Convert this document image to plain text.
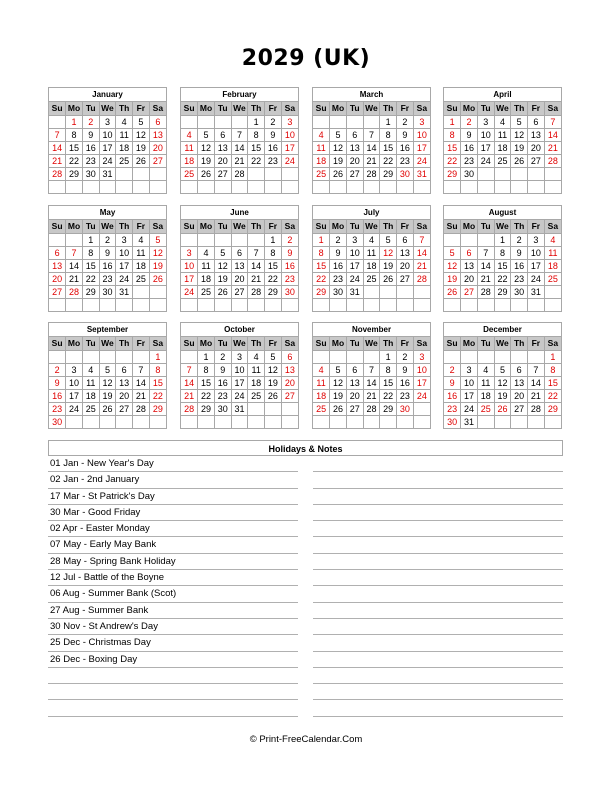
2029 (UK)
January
Su	Mo	Tu	We	Th	Fr	Sa
	1	2	3	4	5	6
7	8	9	10	11	12	13
14	15	16	17	18	19	20
21	22	23	24	25	26	27
28	29	30	31			

February
Su	Mo	Tu	We	Th	Fr	Sa
				1	2	3
4	5	6	7	8	9	10
11	12	13	14	15	16	17
18	19	20	21	22	23	24
25	26	27	28			

March
Su	Mo	Tu	We	Th	Fr	Sa
				1	2	3
4	5	6	7	8	9	10
11	12	13	14	15	16	17
18	19	20	21	22	23	24
25	26	27	28	29	30	31

April
Su	Mo	Tu	We	Th	Fr	Sa
1	2	3	4	5	6	7
8	9	10	11	12	13	14
15	16	17	18	19	20	21
22	23	24	25	26	27	28
29	30					

May
Su	Mo	Tu	We	Th	Fr	Sa
		1	2	3	4	5
6	7	8	9	10	11	12
13	14	15	16	17	18	19
20	21	22	23	24	25	26
27	28	29	30	31		

June
Su	Mo	Tu	We	Th	Fr	Sa
					1	2
3	4	5	6	7	8	9
10	11	12	13	14	15	16
17	18	19	20	21	22	23
24	25	26	27	28	29	30

July
Su	Mo	Tu	We	Th	Fr	Sa
1	2	3	4	5	6	7
8	9	10	11	12	13	14
15	16	17	18	19	20	21
22	23	24	25	26	27	28
29	30	31				

August
Su	Mo	Tu	We	Th	Fr	Sa
			1	2	3	4
5	6	7	8	9	10	11
12	13	14	15	16	17	18
19	20	21	22	23	24	25
26	27	28	29	30	31	

September
Su	Mo	Tu	We	Th	Fr	Sa
						1
2	3	4	5	6	7	8
9	10	11	12	13	14	15
16	17	18	19	20	21	22
23	24	25	26	27	28	29
30						
October
Su	Mo	Tu	We	Th	Fr	Sa
	1	2	3	4	5	6
7	8	9	10	11	12	13
14	15	16	17	18	19	20
21	22	23	24	25	26	27
28	29	30	31			

November
Su	Mo	Tu	We	Th	Fr	Sa
				1	2	3
4	5	6	7	8	9	10
11	12	13	14	15	16	17
18	19	20	21	22	23	24
25	26	27	28	29	30	

December
Su	Mo	Tu	We	Th	Fr	Sa
						1
2	3	4	5	6	7	8
9	10	11	12	13	14	15
16	17	18	19	20	21	22
23	24	25	26	27	28	29
30	31					
Holidays & Notes
01 Jan - New Year's Day
02 Jan - 2nd January
17 Mar - St Patrick's Day
30 Mar - Good Friday
02 Apr - Easter Monday
07 May - Early May Bank
28 May - Spring Bank Holiday
12 Jul - Battle of the Boyne
06 Aug - Summer Bank (Scot)
27 Aug - Summer Bank
30 Nov - St Andrew's Day
25 Dec - Christmas Day
26 Dec - Boxing Day
© Print-FreeCalendar.Com
